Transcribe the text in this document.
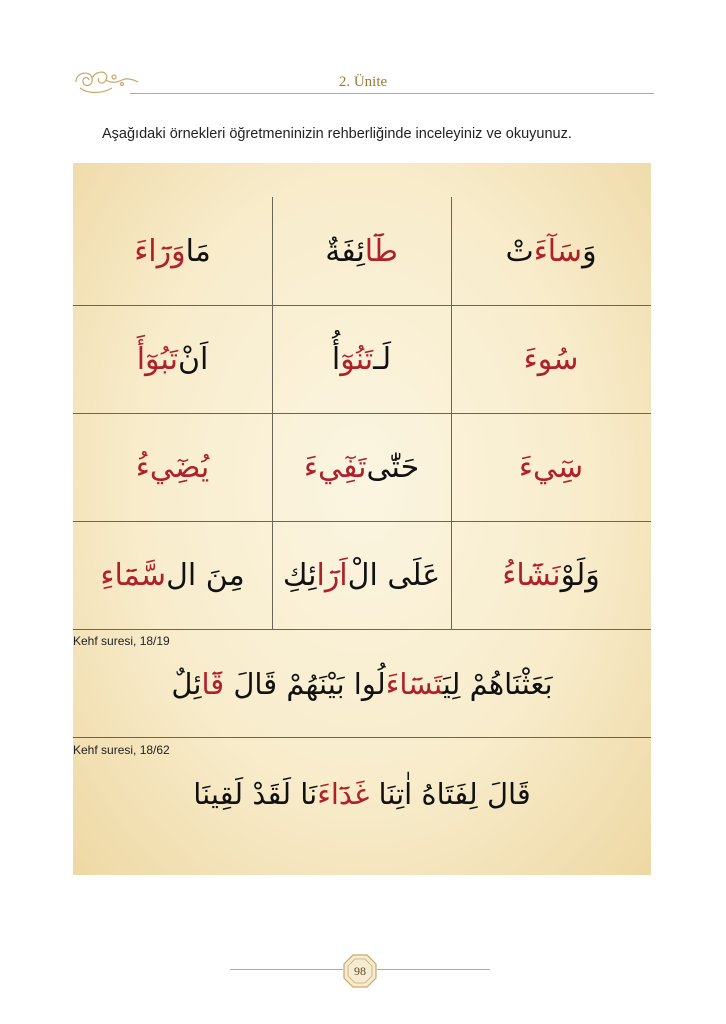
2. Ünite
Aşağıdaki örnekleri öğretmeninizin rehberliğinde inceleyiniz ve okuyunuz.
وَ
سَآءَ
تْ
طَٓا
ئِفَةٌ
مَا
وَرَٓاءَ
سُوءَ
لَـ
تَنُوٓ
أُ
اَنْ
تَبُوٓأَ
سِٓيءَ
حَتّٰى
تَفِٓيءَ
يُضِٓيءُ
وَلَوْ
نَشَٓاءُ
عَلَى الْ
اَرَٓا
ئِكِ
مِنَ ال
سَّمَٓاءِ
Kehf suresi, 18/19
بَعَثْنَاهُمْ لِيَتَسَٓاءَلُوا بَيْنَهُمْ قَالَ قَٓائِلٌ
Kehf suresi, 18/62
قَالَ لِفَتَاهُ اٰتِنَا غَدَٓاءَنَا لَقَدْ لَقِينَا
98
